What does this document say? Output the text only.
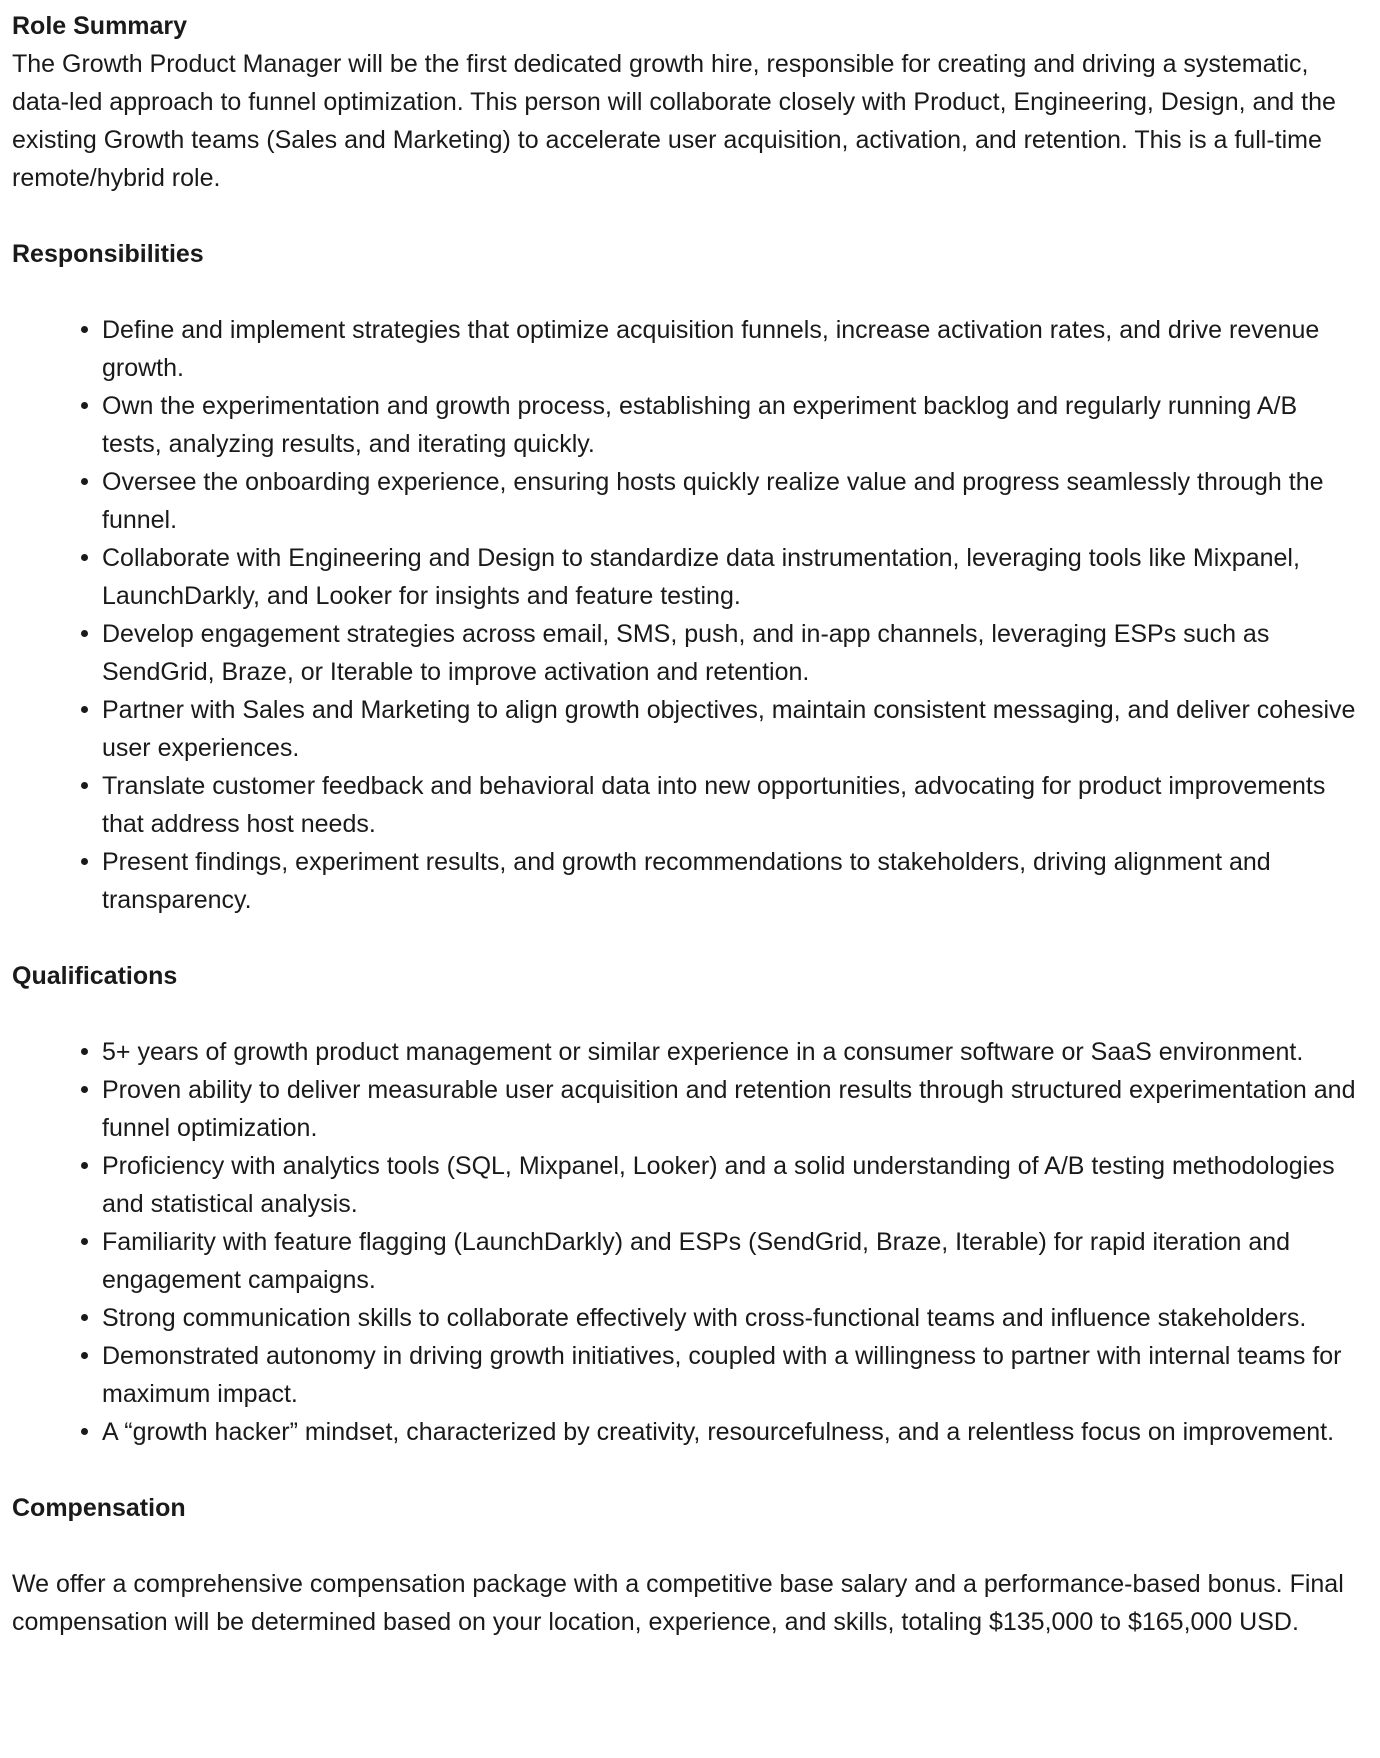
Role Summary

The Growth Product Manager will be the first dedicated growth hire, responsible for creating and driving a systematic, data-led approach to funnel optimization. This person will collaborate closely with Product, Engineering, Design, and the existing Growth teams (Sales and Marketing) to accelerate user acquisition, activation, and retention. This is a full-time remote/hybrid role.

Responsibilities

Define and implement strategies that optimize acquisition funnels, increase activation rates, and drive revenue growth.
Own the experimentation and growth process, establishing an experiment backlog and regularly running A/B tests, analyzing results, and iterating quickly.
Oversee the onboarding experience, ensuring hosts quickly realize value and progress seamlessly through the funnel.
Collaborate with Engineering and Design to standardize data instrumentation, leveraging tools like Mixpanel, LaunchDarkly, and Looker for insights and feature testing.
Develop engagement strategies across email, SMS, push, and in-app channels, leveraging ESPs such as SendGrid, Braze, or Iterable to improve activation and retention.
Partner with Sales and Marketing to align growth objectives, maintain consistent messaging, and deliver cohesive user experiences.
Translate customer feedback and behavioral data into new opportunities, advocating for product improvements that address host needs.
Present findings, experiment results, and growth recommendations to stakeholders, driving alignment and transparency.

Qualifications

5+ years of growth product management or similar experience in a consumer software or SaaS environment.
Proven ability to deliver measurable user acquisition and retention results through structured experimentation and funnel optimization.
Proficiency with analytics tools (SQL, Mixpanel, Looker) and a solid understanding of A/B testing methodologies and statistical analysis.
Familiarity with feature flagging (LaunchDarkly) and ESPs (SendGrid, Braze, Iterable) for rapid iteration and engagement campaigns.
Strong communication skills to collaborate effectively with cross-functional teams and influence stakeholders.
Demonstrated autonomy in driving growth initiatives, coupled with a willingness to partner with internal teams for maximum impact.
A “growth hacker” mindset, characterized by creativity, resourcefulness, and a relentless focus on improvement.

Compensation

We offer a comprehensive compensation package with a competitive base salary and a performance-based bonus. Final compensation will be determined based on your location, experience, and skills, totaling $135,000 to $165,000 USD.
